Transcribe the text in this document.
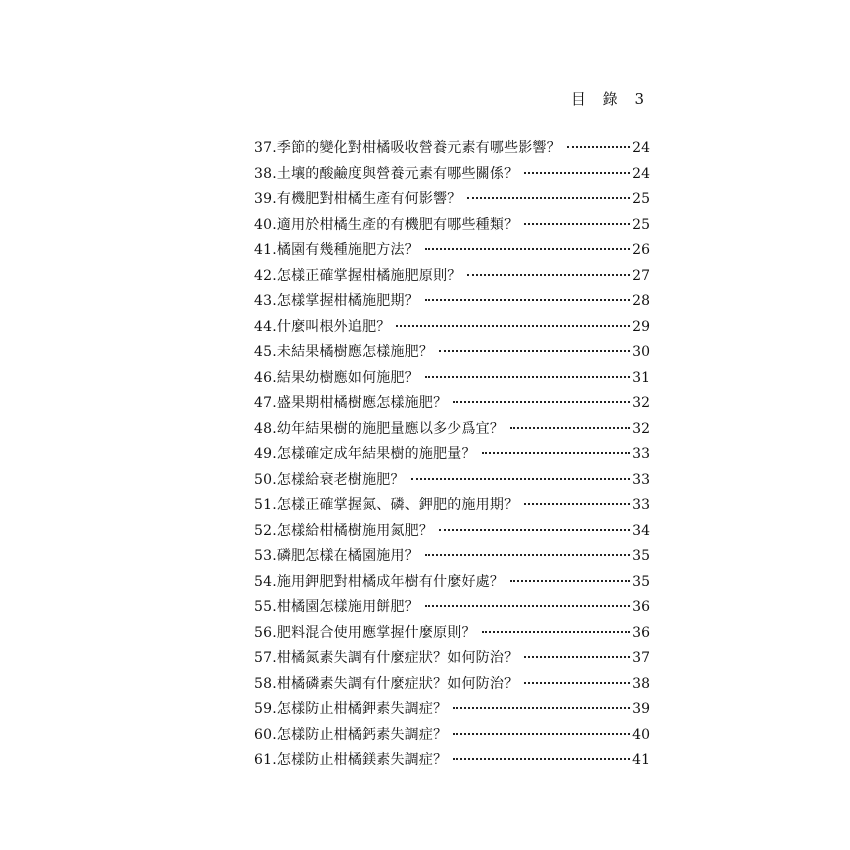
目 錄 3
37.季節的變化對柑橘吸收營養元素有哪些影響？	24
38.土壤的酸鹼度與營養元素有哪些關係？	24
39.有機肥對柑橘生產有何影響？	25
40.適用於柑橘生產的有機肥有哪些種類？	25
41.橘園有幾種施肥方法？	26
42.怎樣正確掌握柑橘施肥原則？	27
43.怎樣掌握柑橘施肥期？	28
44.什麼叫根外追肥？	29
45.未結果橘樹應怎樣施肥？	30
46.結果幼樹應如何施肥？	31
47.盛果期柑橘樹應怎樣施肥？	32
48.幼年結果樹的施肥量應以多少爲宜？	32
49.怎樣確定成年結果樹的施肥量？	33
50.怎樣給衰老樹施肥？	33
51.怎樣正確掌握氮、磷、鉀肥的施用期？	33
52.怎樣給柑橘樹施用氮肥？	34
53.磷肥怎樣在橘園施用？	35
54.施用鉀肥對柑橘成年樹有什麼好處？	35
55.柑橘園怎樣施用餅肥？	36
56.肥料混合使用應掌握什麼原則？	36
57.柑橘氮素失調有什麼症狀？如何防治？	37
58.柑橘磷素失調有什麼症狀？如何防治？	38
59.怎樣防止柑橘鉀素失調症？	39
60.怎樣防止柑橘鈣素失調症？	40
61.怎樣防止柑橘鎂素失調症？	41
